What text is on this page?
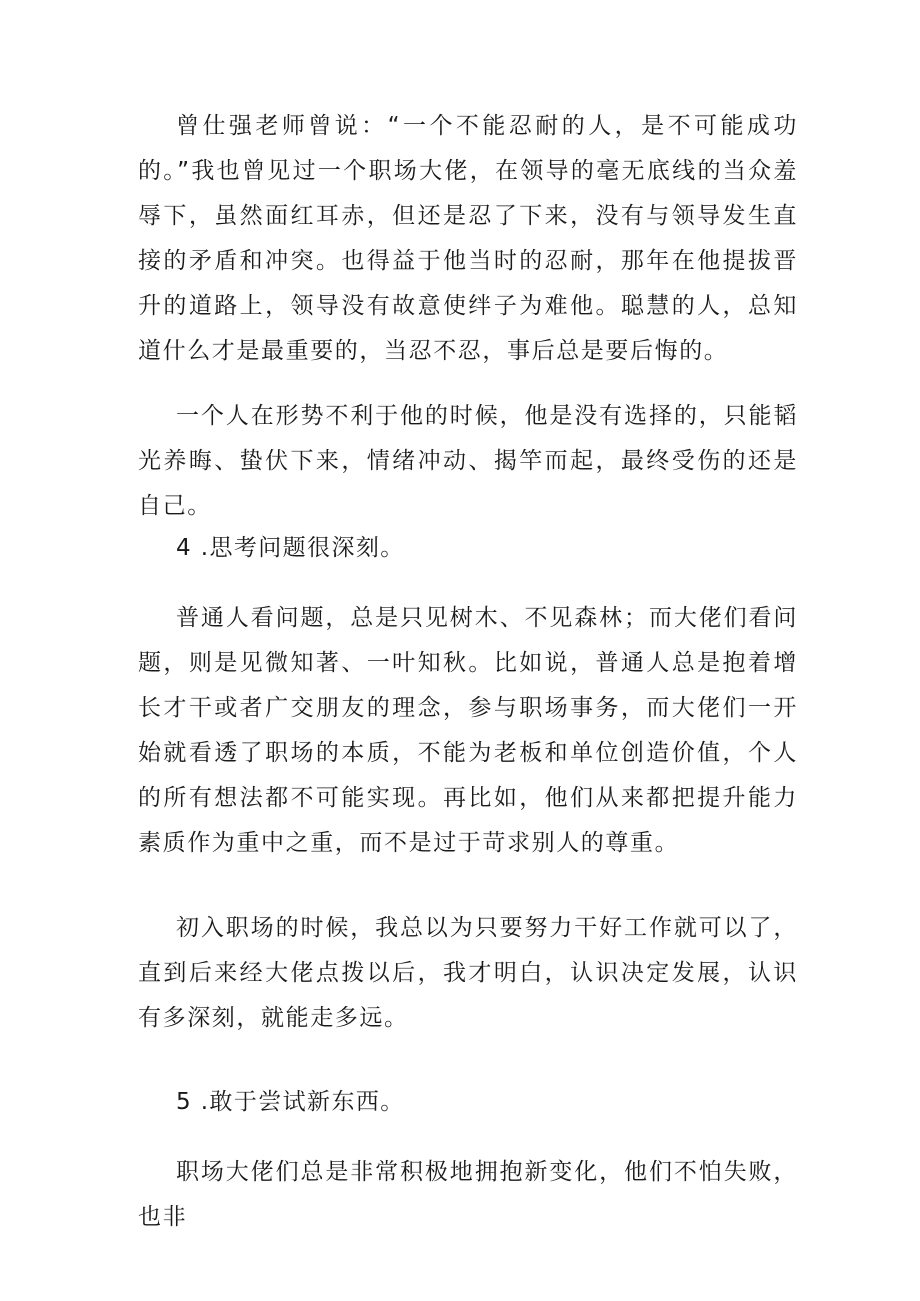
曾仕强老师曾说：“一个不能忍耐的人，是不可能成功的。”我也曾见过一个职场大佬，在领导的毫无底线的当众羞辱下，虽然面红耳赤，但还是忍了下来，没有与领导发生直接的矛盾和冲突。也得益于他当时的忍耐，那年在他提拔晋升的道路上，领导没有故意使绊子为难他。聪慧的人，总知道什么才是最重要的，当忍不忍，事后总是要后悔的。

一个人在形势不利于他的时候，他是没有选择的，只能韬光养晦、蛰伏下来，情绪冲动、揭竿而起，最终受伤的还是自己。

4 .思考问题很深刻。

普通人看问题，总是只见树木、不见森林；而大佬们看问题，则是见微知著、一叶知秋。比如说，普通人总是抱着增长才干或者广交朋友的理念，参与职场事务，而大佬们一开始就看透了职场的本质，不能为老板和单位创造价值，个人的所有想法都不可能实现。再比如，他们从来都把提升能力素质作为重中之重，而不是过于苛求别人的尊重。

初入职场的时候，我总以为只要努力干好工作就可以了，直到后来经大佬点拨以后，我才明白，认识决定发展，认识有多深刻，就能走多远。

5 .敢于尝试新东西。

职场大佬们总是非常积极地拥抱新变化，他们不怕失败，也非
